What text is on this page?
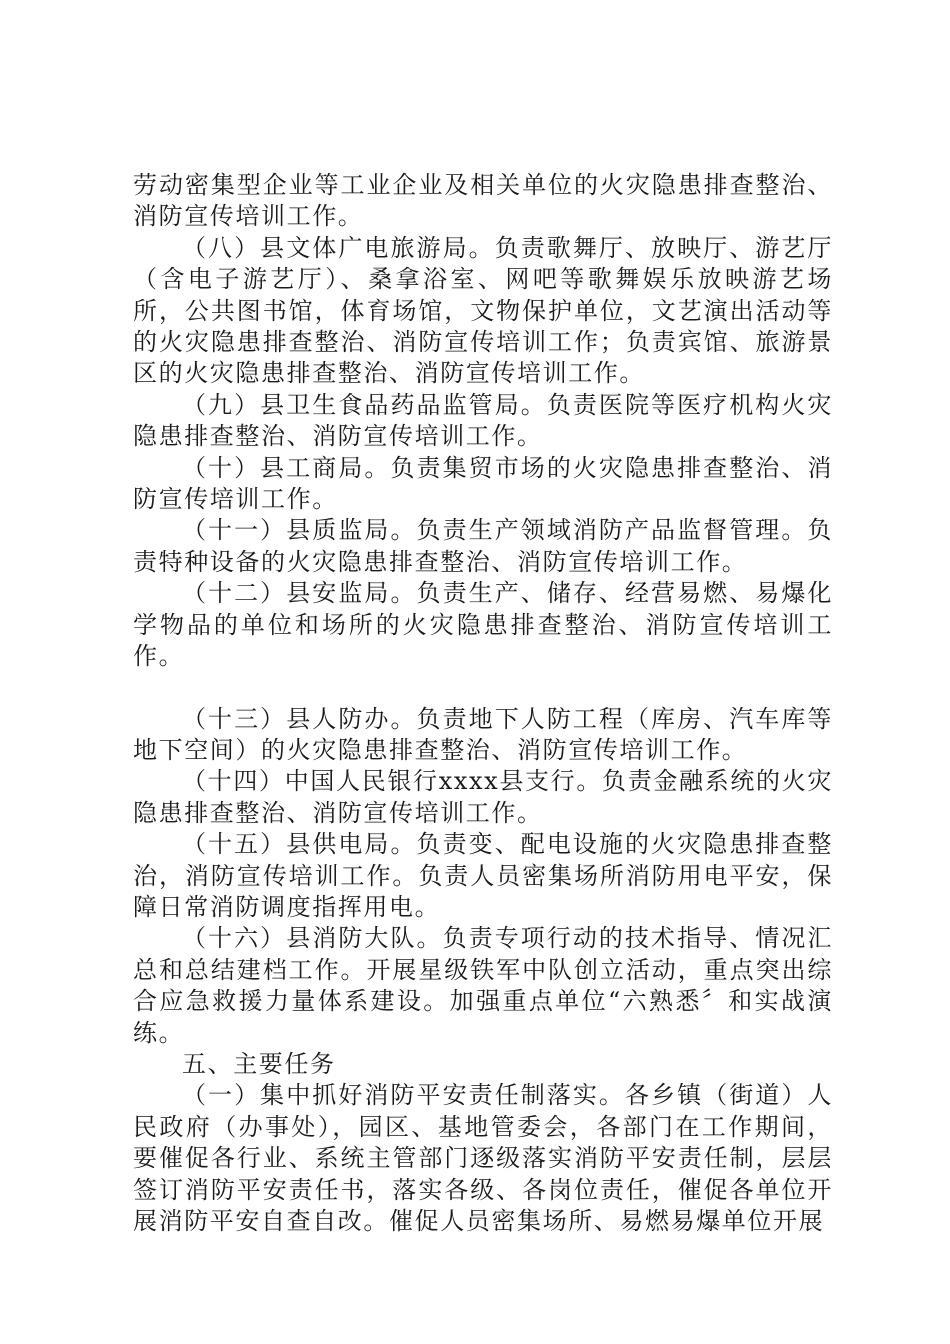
劳动密集型企业等工业企业及相关单位的火灾隐患排查整治、消防宣传培训工作。

（八）县文体广电旅游局。负责歌舞厅、放映厅、游艺厅（含电子游艺厅）、桑拿浴室、网吧等歌舞娱乐放映游艺场所，公共图书馆，体育场馆，文物保护单位，文艺演出活动等的火灾隐患排查整治、消防宣传培训工作；负责宾馆、旅游景区的火灾隐患排查整治、消防宣传培训工作。

（九）县卫生食品药品监管局。负责医院等医疗机构火灾隐患排查整治、消防宣传培训工作。

（十）县工商局。负责集贸市场的火灾隐患排查整治、消防宣传培训工作。

（十一）县质监局。负责生产领域消防产品监督管理。负责特种设备的火灾隐患排查整治、消防宣传培训工作。

（十二）县安监局。负责生产、储存、经营易燃、易爆化学物品的单位和场所的火灾隐患排查整治、消防宣传培训工作。

（十三）县人防办。负责地下人防工程（库房、汽车库等地下空间）的火灾隐患排查整治、消防宣传培训工作。

（十四）中国人民银行xxxx县支行。负责金融系统的火灾隐患排查整治、消防宣传培训工作。

（十五）县供电局。负责变、配电设施的火灾隐患排查整治，消防宣传培训工作。负责人员密集场所消防用电平安，保障日常消防调度指挥用电。

（十六）县消防大队。负责专项行动的技术指导、情况汇总和总结建档工作。开展星级铁军中队创立活动，重点突出综合应急救援力量体系建设。加强重点单位“六熟悉〞和实战演练。

五、主要任务

（一）集中抓好消防平安责任制落实。各乡镇（街道）人民政府（办事处），园区、基地管委会，各部门在工作期间，要催促各行业、系统主管部门逐级落实消防平安责任制，层层签订消防平安责任书，落实各级、各岗位责任，催促各单位开展消防平安自查自改。催促人员密集场所、易燃易爆单位开展
